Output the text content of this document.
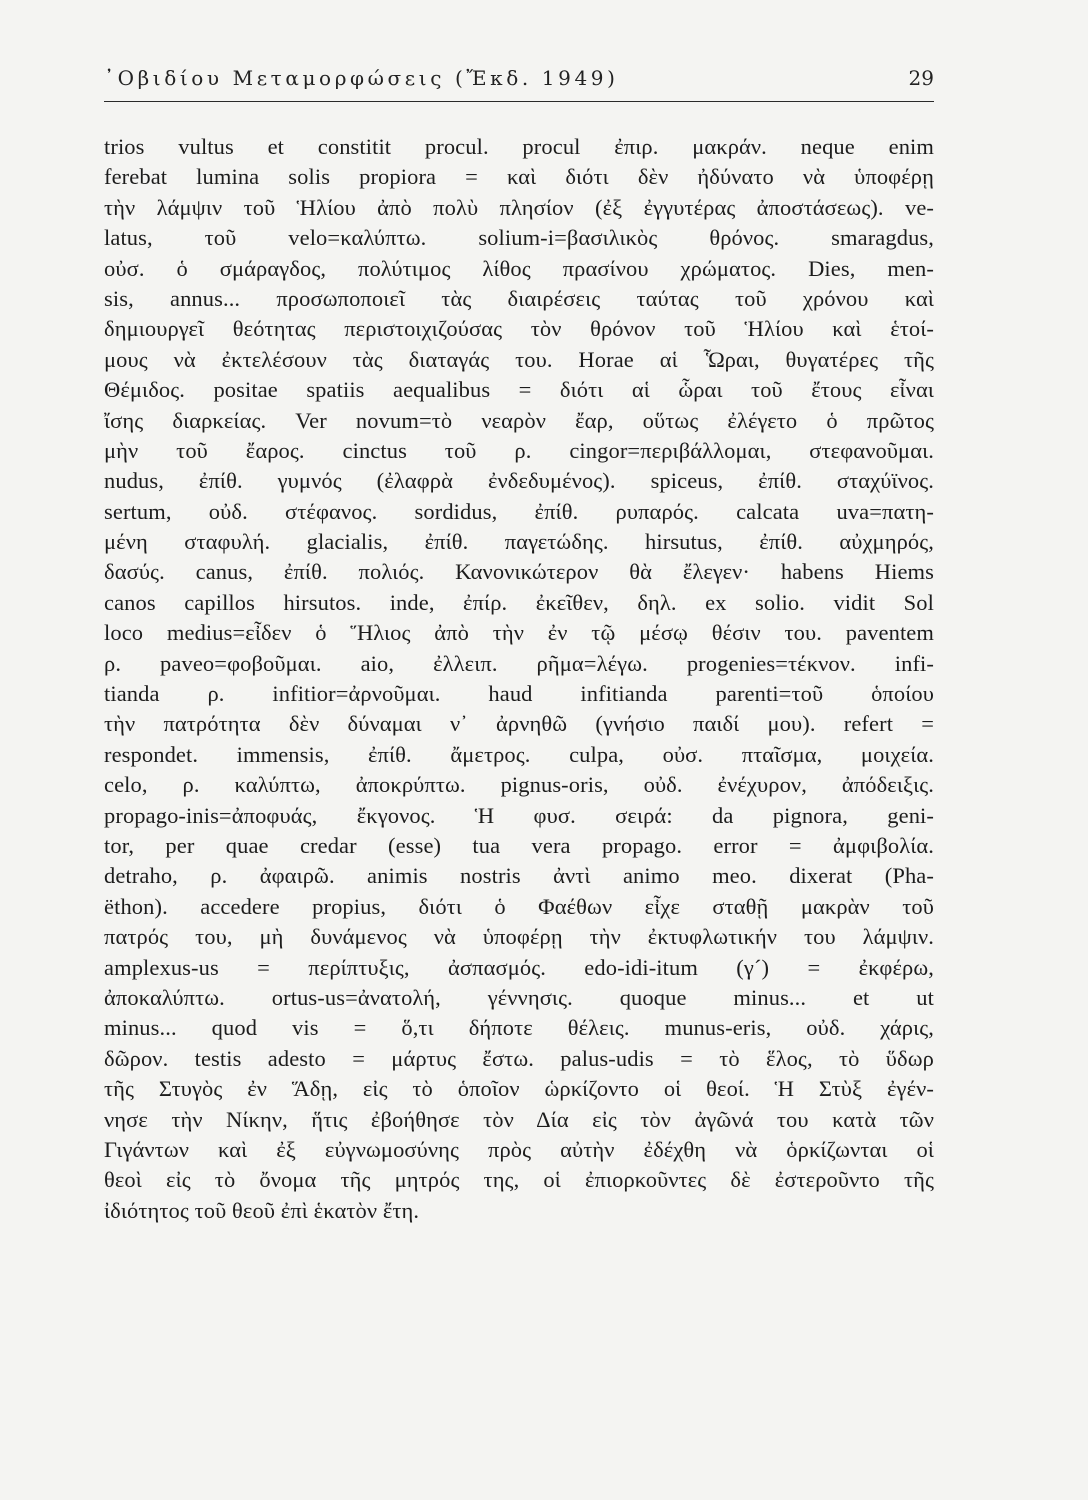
᾿Οβιδίου Μεταμορφώσεις (Ἔκδ. 1949)	29
trios vultus et constitit procul. procul ἐπιρ. μακράν. neque enim
ferebat lumina solis propiora = καὶ διότι δὲν ἠδύνατο νὰ ὑποφέρῃ
τὴν λάμψιν τοῦ Ἡλίου ἀπὸ πολὺ πλησίον (ἐξ ἐγγυτέρας ἀποστάσεως). ve-
latus, τοῦ velo=καλύπτω. solium-i=βασιλικὸς θρόνος. smaragdus,
οὐσ. ὁ σμάραγδος, πολύτιμος λίθος πρασίνου χρώματος. Dies, men-
sis, annus... προσωποποιεῖ τὰς διαιρέσεις ταύτας τοῦ χρόνου καὶ
δημιουργεῖ θεότητας περιστοιχιζούσας τὸν θρόνον τοῦ Ἡλίου καὶ ἑτοί-
μους νὰ ἐκτελέσουν τὰς διαταγάς του. Horae αἱ Ὧραι, θυγατέρες τῆς
Θέμιδος. positae spatiis aequalibus = διότι αἱ ὧραι τοῦ ἔτους εἶναι
ἴσης διαρκείας. Ver novum=τὸ νεαρὸν ἔαρ, οὕτως ἐλέγετο ὁ πρῶτος
μὴν τοῦ ἔαρος. cinctus τοῦ ρ. cingor=περιβάλλομαι, στεφανοῦμαι.
nudus, ἐπίθ. γυμνός (ἐλαφρὰ ἐνδεδυμένος). spiceus, ἐπίθ. σταχύϊνος.
sertum, οὐδ. στέφανος. sordidus, ἐπίθ. ρυπαρός. calcata uva=πατη-
μένη σταφυλή. glacialis, ἐπίθ. παγετώδης. hirsutus, ἐπίθ. αὐχμηρός,
δασύς. canus, ἐπίθ. πολιός. Κανονικώτερον θὰ ἔλεγεν· habens Hiems
canos capillos hirsutos. inde, ἐπίρ. ἐκεῖθεν, δηλ. ex solio. vidit Sol
loco medius=εἶδεν ὁ Ἥλιος ἀπὸ τὴν ἐν τῷ μέσῳ θέσιν του. paventem
ρ. paveo=φοβοῦμαι. aio, ἐλλειπ. ρῆμα=λέγω. progenies=τέκνον. infi-
tianda ρ. infitior=ἀρνοῦμαι. haud infitianda parenti=τοῦ ὁποίου
τὴν πατρότητα δὲν δύναμαι ν᾿ ἀρνηθῶ (γνήσιο παιδί μου). refert =
respondet. immensis, ἐπίθ. ἄμετρος. culpa, οὐσ. πταῖσμα, μοιχεία.
celo, ρ. καλύπτω, ἀποκρύπτω. pignus-oris, οὐδ. ἐνέχυρον, ἀπόδειξις.
propago-inis=ἀποφυάς, ἔκγονος. Ἡ φυσ. σειρά: da pignora, geni-
tor, per quae credar (esse) tua vera propago. error = ἀμφιβολία.
detraho, ρ. ἀφαιρῶ. animis nostris ἀντὶ animo meo. dixerat (Pha-
ëthon). accedere propius, διότι ὁ Φαέθων εἶχε σταθῇ μακρὰν τοῦ
πατρός του, μὴ δυνάμενος νὰ ὑποφέρῃ τὴν ἐκτυφλωτικήν του λάμψιν.
amplexus-us = περίπτυξις, ἀσπασμός. edo-idi-itum (γ´) = ἐκφέρω,
ἀποκαλύπτω. ortus-us=ἀνατολή, γέννησις. quoque minus... et ut
minus... quod vis = ὅ,τι δήποτε θέλεις. munus-eris, οὐδ. χάρις,
δῶρον. testis adesto = μάρτυς ἔστω. palus-udis = τὸ ἕλος, τὸ ὕδωρ
τῆς Στυγὸς ἐν Ἅδῃ, εἰς τὸ ὁποῖον ὡρκίζοντο οἱ θεοί. Ἡ Στὺξ ἐγέν-
νησε τὴν Νίκην, ἥτις ἐβοήθησε τὸν Δία εἰς τὸν ἀγῶνά του κατὰ τῶν
Γιγάντων καὶ ἐξ εὐγνωμοσύνης πρὸς αὐτὴν ἐδέχθη νὰ ὁρκίζωνται οἱ
θεοὶ εἰς τὸ ὄνομα τῆς μητρός της, οἱ ἐπιορκοῦντες δὲ ἐστεροῦντο τῆς
ἰδιότητος τοῦ θεοῦ ἐπὶ ἑκατὸν ἔτη.
